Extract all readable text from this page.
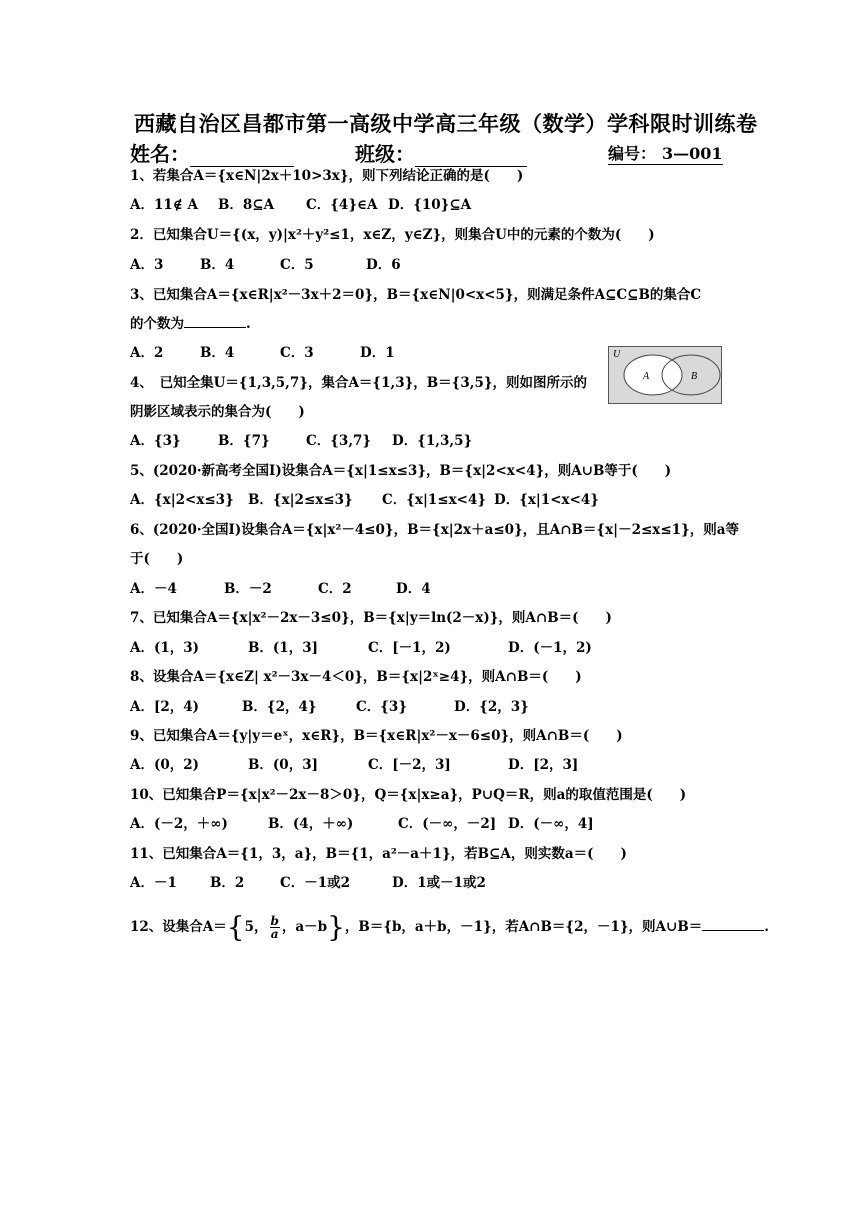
西藏自治区昌都市第一高级中学高三年级（数学）学科限时训练卷
姓名：	班级：	编号： 3—001
1、若集合A＝{x∈N|2x＋10>3x}，则下列结论正确的是(　　)
A．11∉ A B．8⊆A C．{4}∈A D．{10}⊆A
2．已知集合U＝{(x，y)|x²＋y²≤1，x∈Z，y∈Z}，则集合U中的元素的个数为(　　)
A．3	B．4	C．5	D．6
3、已知集合A＝{x∈R|x²－3x＋2＝0}，B＝{x∈N|0<x<5}，则满足条件A⊆C⊆B的集合C
的个数为	.
A．2	B．4	C．3	D．1
4、　已知全集U＝{1,3,5,7}，集合A＝{1,3}，B＝{3,5}，则如图所示的
阴影区域表示的集合为(　　)
U
A	B
A．{3}	B．{7}	C．{3,7} D．{1,3,5}
5、(2020·新高考全国Ⅰ)设集合A＝{x|1≤x≤3}，B＝{x|2<x<4}，则A∪B等于(　　)
A．{x|2<x≤3} B．{x|2≤x≤3} C．{x|1≤x<4} D．{x|1<x<4}
6、(2020·全国Ⅰ)设集合A＝{x|x²－4≤0}，B＝{x|2x＋a≤0}，且A∩B＝{x|－2≤x≤1}，则a等
于(　　)
A．－4	B．－2	C．2	D．4
7、已知集合A＝{x|x²－2x－3≤0}，B＝{x|y＝ln(2－x)}，则A∩B＝(　　)
A．(1，3)	B．(1，3]	C．[－1，2)	D．(－1，2)
8、设集合A＝{x∈Z| x²－3x－4＜0}，B＝{x|2ˣ≥4}，则A∩B＝(　　)
A．[2，4)	B．{2，4}	C．{3}	D．{2，3}
9、已知集合A＝{y|y＝eˣ，x∈R}，B＝{x∈R|x²－x－6≤0}，则A∩B＝(　　)
A．(0，2)	B．(0，3]	C．[－2，3]	D．[2，3]
10、已知集合P＝{x|x²－2x－8＞0}，Q＝{x|x≥a}，P∪Q＝R，则a的取值范围是(　　)
A．(－2，＋∞)	B．(4，＋∞)	C．(－∞，－2] D．(－∞，4]
11、已知集合A＝{1，3，a}，B＝{1，a²－a＋1}，若B⊆A，则实数a＝(　　)
A．－1 B．2	C．－1或2	D．1或－1或2
12、设集合A＝{5， $\frac{b}{a}$ ，a－b}，B＝{b，a＋b，－1}，若A∩B＝{2，－1}，则A∪B＝	.
